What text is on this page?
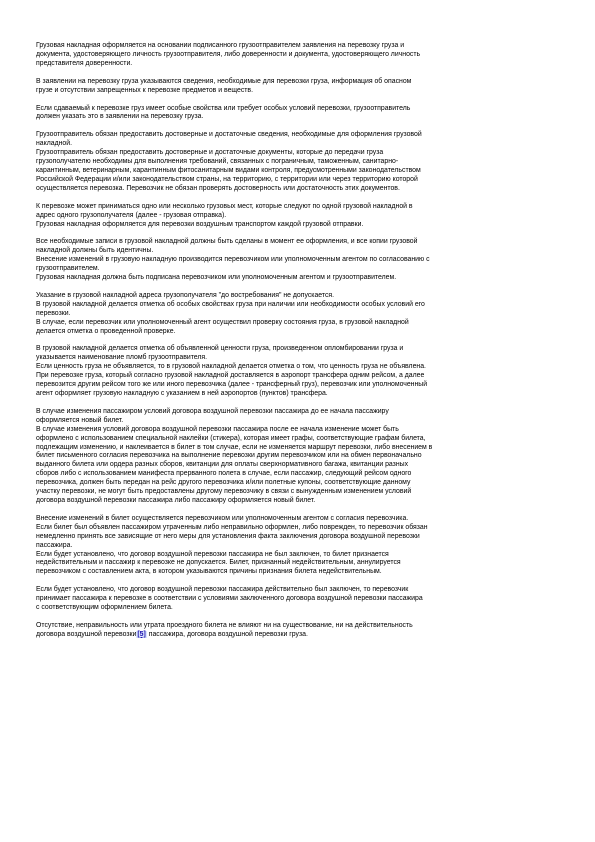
Грузовая накладная оформляется на основании подписанного грузоотправителем заявления на перевозку груза и
документа, удостоверяющего личность грузоотправителя, либо доверенности и документа, удостоверяющего личность
представителя доверенности.
В заявлении на перевозку груза указываются сведения, необходимые для перевозки груза, информация об опасном
грузе и отсутствии запрещенных к перевозке предметов и веществ.
Если сдаваемый к перевозке груз имеет особые свойства или требует особых условий перевозки, грузоотправитель
должен указать это в заявлении на перевозку груза.
Грузоотправитель обязан предоставить достоверные и достаточные сведения, необходимые для оформления грузовой
накладной.
Грузоотправитель обязан предоставить достоверные и достаточные документы, которые до передачи груза
грузополучателю необходимы для выполнения требований, связанных с пограничным, таможенным, санитарно-
карантинным, ветеринарным, карантинным фитосанитарным видами контроля, предусмотренными законодательством
Российской Федерации и/или законодательством страны, на территорию, с территории или через территорию которой
осуществляется перевозка. Перевозчик не обязан проверять достоверность или достаточность этих документов.
К перевозке может приниматься одно или несколько грузовых мест, которые следуют по одной грузовой накладной в
адрес одного грузополучателя (далее - грузовая отправка).
Грузовая накладная оформляется для перевозки воздушным транспортом каждой грузовой отправки.
Все необходимые записи в грузовой накладной должны быть сделаны в момент ее оформления, и все копии грузовой
накладной должны быть идентичны.
Внесение изменений в грузовую накладную производится перевозчиком или уполномоченным агентом по согласованию с
грузоотправителем.
Грузовая накладная должна быть подписана перевозчиком или уполномоченным агентом и грузоотправителем.
Указание в грузовой накладной адреса грузополучателя "до востребования" не допускается.
В грузовой накладной делается отметка об особых свойствах груза при наличии или необходимости особых условий его
перевозки.
В случае, если перевозчик или уполномоченный агент осуществил проверку состояния груза, в грузовой накладной
делается отметка о проведенной проверке.
В грузовой накладной делается отметка об объявленной ценности груза, произведенном опломбировании груза и
указывается наименование пломб грузоотправителя.
Если ценность груза не объявляется, то в грузовой накладной делается отметка о том, что ценность груза не объявлена.
При перевозке груза, который согласно грузовой накладной доставляется в аэропорт трансфера одним рейсом, а далее
перевозится другим рейсом того же или иного перевозчика (далее - трансферный груз), перевозчик или уполномоченный
агент оформляет грузовую накладную с указанием в ней аэропортов (пунктов) трансфера.
В случае изменения пассажиром условий договора воздушной перевозки пассажира до ее начала пассажиру
оформляется новый билет.
В случае изменения условий договора воздушной перевозки пассажира после ее начала изменение может быть
оформлено с использованием специальной наклейки (стикера), которая имеет графы, соответствующие графам билета,
подлежащим изменению, и наклеивается в билет в том случае, если не изменяется маршрут перевозки, либо внесением в
билет письменного согласия перевозчика на выполнение перевозки другим перевозчиком или на обмен первоначально
выданного билета или ордера разных сборов, квитанции для оплаты сверхнормативного багажа, квитанции разных
сборов либо с использованием манифеста прерванного полета в случае, если пассажир, следующий рейсом одного
перевозчика, должен быть передан на рейс другого перевозчика и/или полетные купоны, соответствующие данному
участку перевозки, не могут быть предоставлены другому перевозчику в связи с вынужденным изменением условий
договора воздушной перевозки пассажира либо пассажиру оформляется новый билет.
Внесение изменений в билет осуществляется перевозчиком или уполномоченным агентом с согласия перевозчика.
Если билет был объявлен пассажиром утраченным либо неправильно оформлен, либо поврежден, то перевозчик обязан
немедленно принять все зависящие от него меры для установления факта заключения договора воздушной перевозки
пассажира.
Если будет установлено, что договор воздушной перевозки пассажира не был заключен, то билет признается
недействительным и пассажир к перевозке не допускается. Билет, признанный недействительным, аннулируется
перевозчиком с составлением акта, в котором указываются причины признания билета недействительным.
Если будет установлено, что договор воздушной перевозки пассажира действительно был заключен, то перевозчик
принимает пассажира к перевозке в соответствии с условиями заключенного договора воздушной перевозки пассажира
с соответствующим оформлением билета.
Отсутствие, неправильность или утрата проездного билета не влияют ни на существование, ни на действительность
договора воздушной перевозки[5] пассажира, договора воздушной перевозки груза.
